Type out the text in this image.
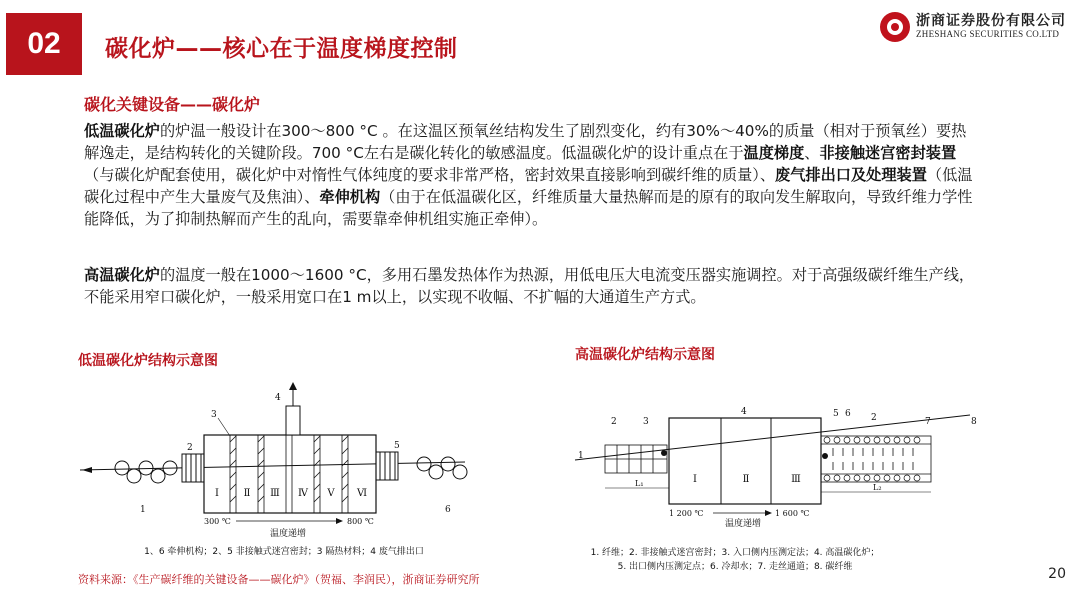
02	碳化炉——核心在于温度梯度控制
浙商证券股份有限公司
ZHESHANG SECURITIES CO.LTD
碳化关键设备——碳化炉

低温碳化炉的炉温一般设计在300～800 °C 。在这温区预氧丝结构发生了剧烈变化，约有30%～40%的质量（相对于预氧丝）要热解逸走，是结构转化的关键阶段。700 °C左右是碳化转化的敏感温度。低温碳化炉的设计重点在于温度梯度、非接触迷宫密封装置（与碳化炉配套使用，碳化炉中对惰性气体纯度的要求非常严格，密封效果直接影响到碳纤维的质量）、废气排出口及处理装置（低温碳化过程中产生大量废气及焦油）、牵伸机构（由于在低温碳化区，纤维质量大量热解而是的原有的取向发生解取向，导致纤维力学性能降低，为了抑制热解而产生的乱向，需要靠牵伸机组实施正牵伸）。

高温碳化炉的温度一般在1000～1600 °C，多用石墨发热体作为热源，用低电压大电流变压器实施调控。对于高强级碳纤维生产线，不能采用窄口碳化炉，一般采用宽口在1 m以上，以实现不收幅、不扩幅的大通道生产方式。

低温碳化炉结构示意图	高温碳化炉结构示意图
Ⅰ Ⅱ Ⅲ Ⅳ Ⅴ Ⅵ
1
2
3
4
5
6
300 ℃	800 ℃
温度递增
1、6 牵伸机构；2、5 非接触式迷宫密封；3 隔热材料；4 废气排出口
Ⅰ	Ⅱ	Ⅲ
1
2	3
4	5 6 2	7	8
L₁	L₂
1 200 ℃	1 600 ℃
温度递增
1. 纤维；2. 非接触式迷宫密封；3. 入口侧内压测定法；4. 高温碳化炉；
5. 出口侧内压测定点；6. 冷却水；7. 走丝通道；8. 碳纤维
资料来源：《生产碳纤维的关键设备——碳化炉》（贺福、李润民），浙商证券研究所	20
